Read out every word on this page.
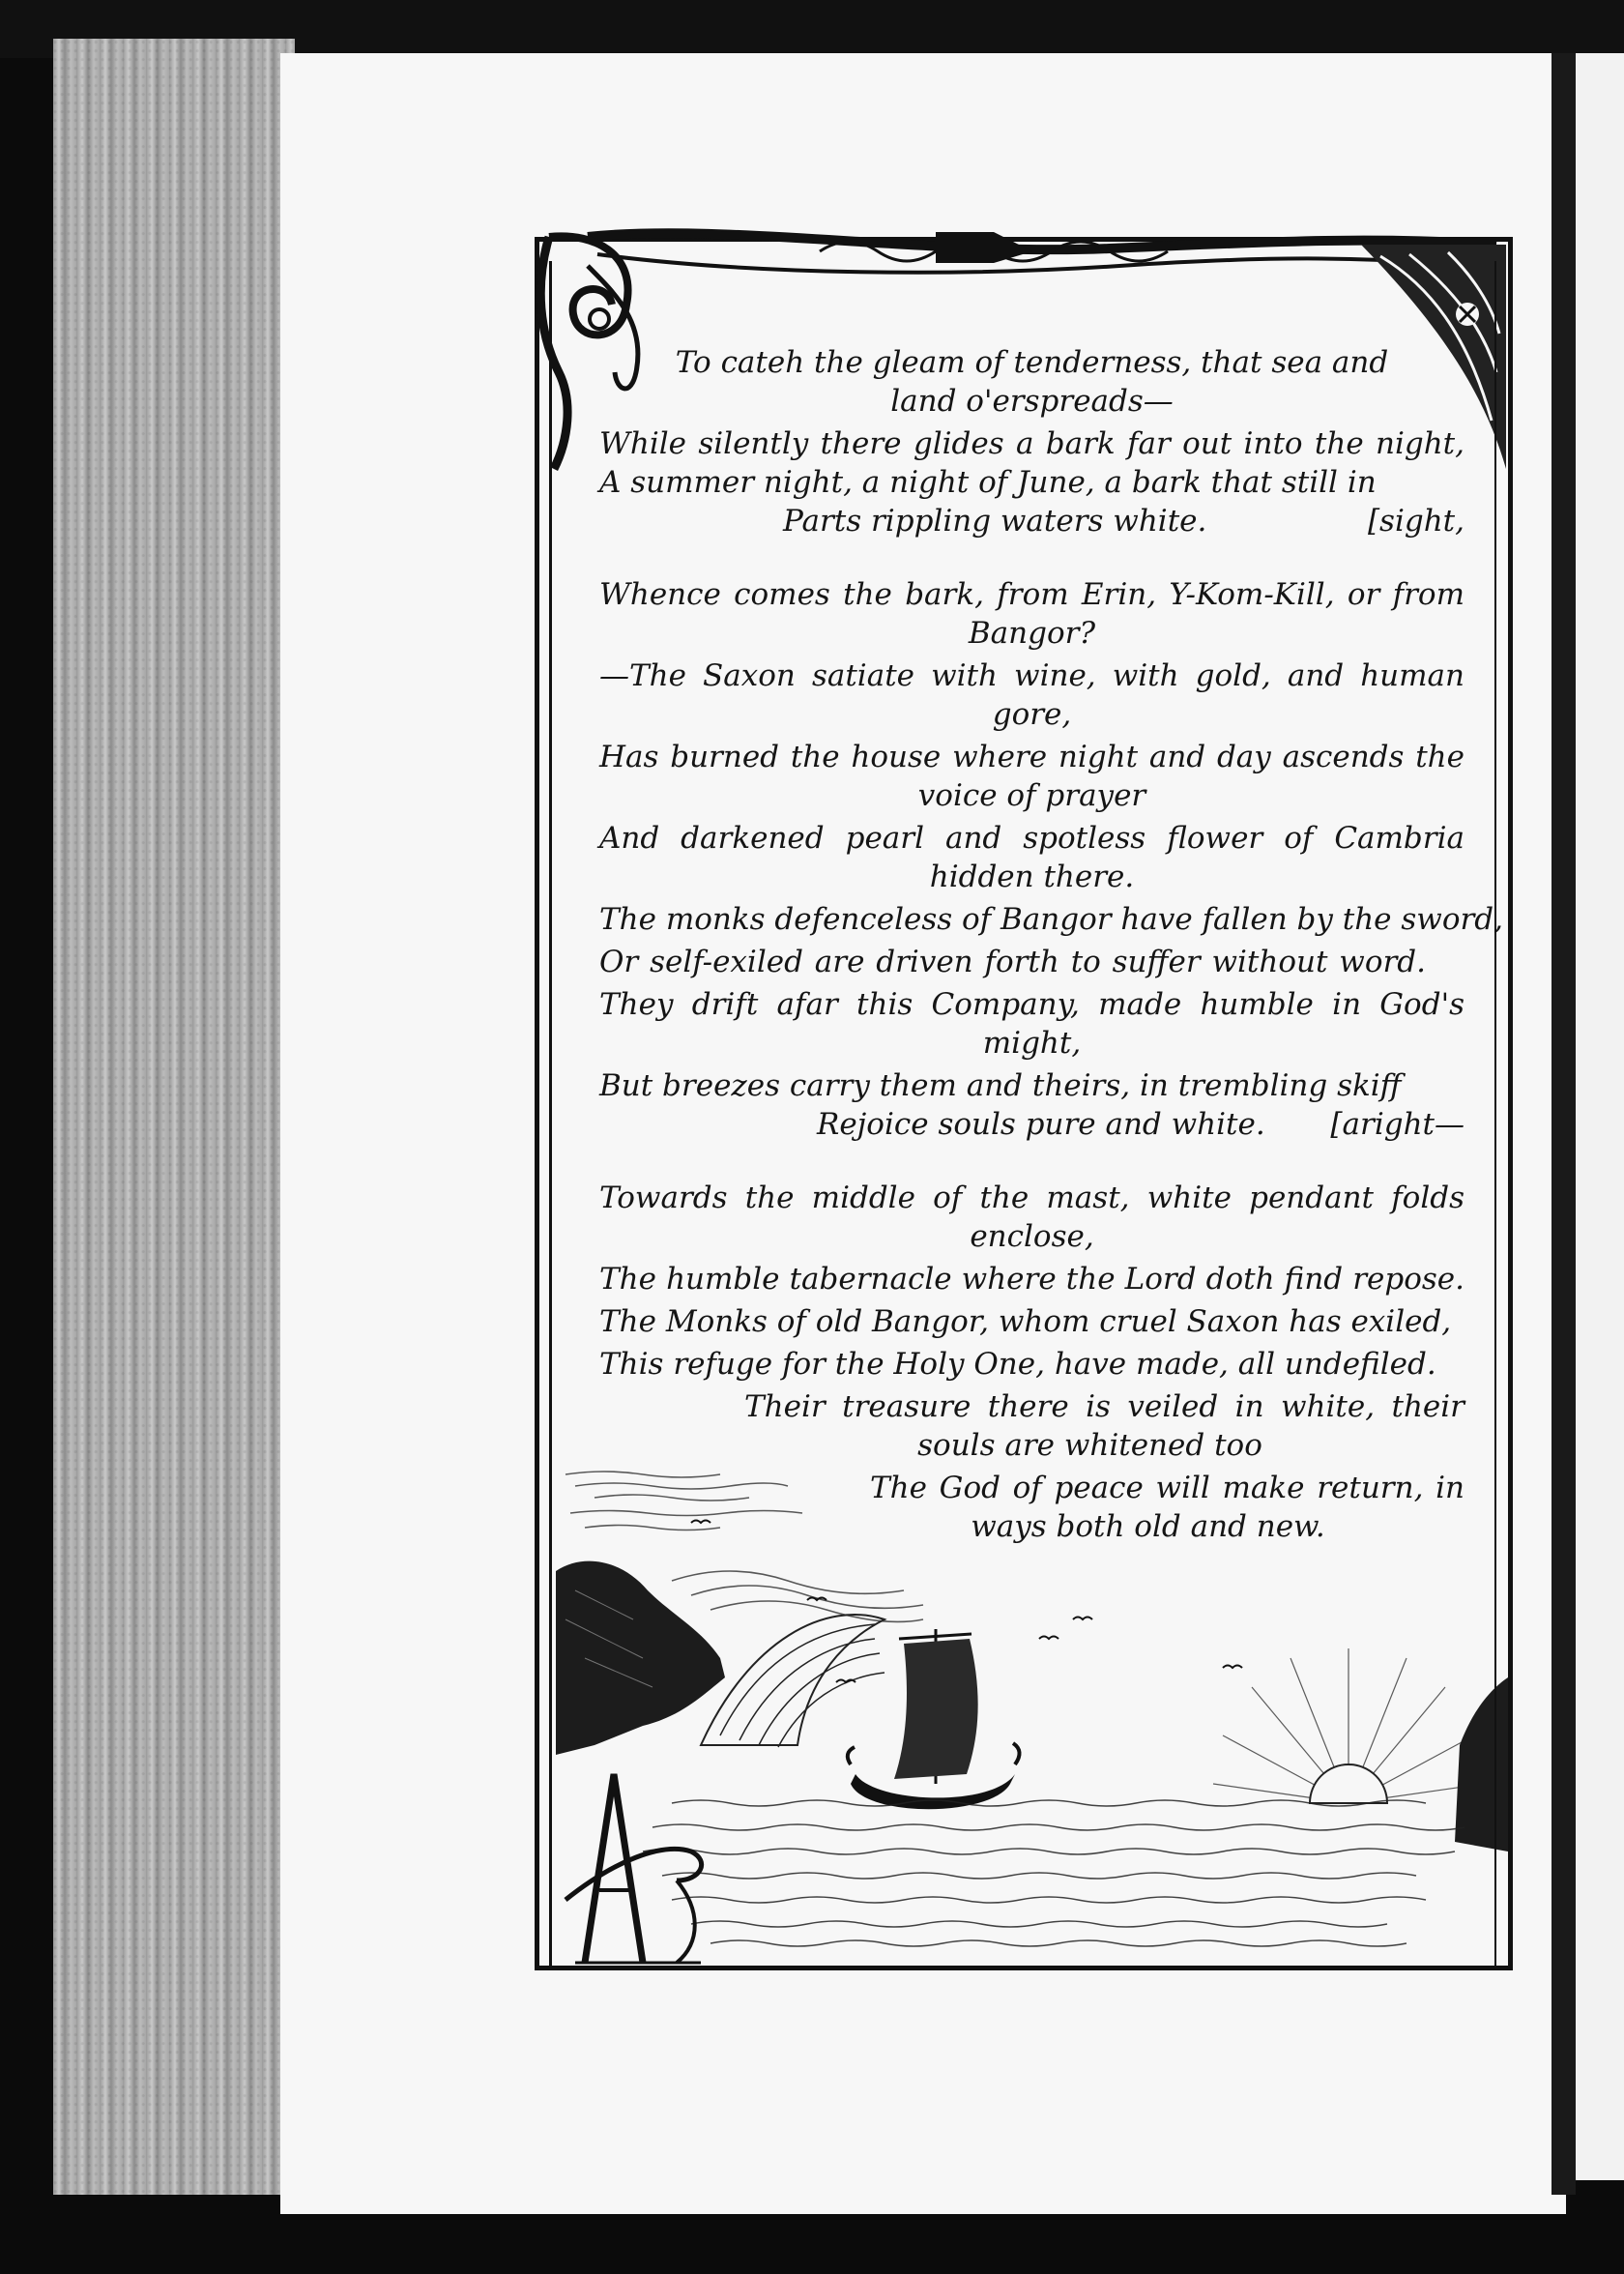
To cateh the gleam of tenderness, that sea and
land o'erspreads—
While silently there glides a bark far out into the night,
A summer night, a night of June, a bark that still in
Parts rippling waters white.	[sight,
Whence comes the bark, from Erin, Y-Kom-Kill, or from
Bangor?
—The Saxon satiate with wine, with gold, and human
gore,
Has burned the house where night and day ascends the
voice of prayer
And darkened pearl and spotless flower of Cambria
hidden there.
The monks defenceless of Bangor have fallen by the sword,
Or self-exiled are driven forth to suffer without word.
They drift afar this Company, made humble in God's
might,
But breezes carry them and theirs, in trembling skiff
Rejoice souls pure and white. [aright—
Towards the middle of the mast, white pendant folds
enclose,
The humble tabernacle where the Lord doth find repose.
The Monks of old Bangor, whom cruel Saxon has exiled,
This refuge for the Holy One, have made, all undefiled.
Their treasure there is veiled in white, their
souls are whitened too
The God of peace will make return, in
ways both old and new.
